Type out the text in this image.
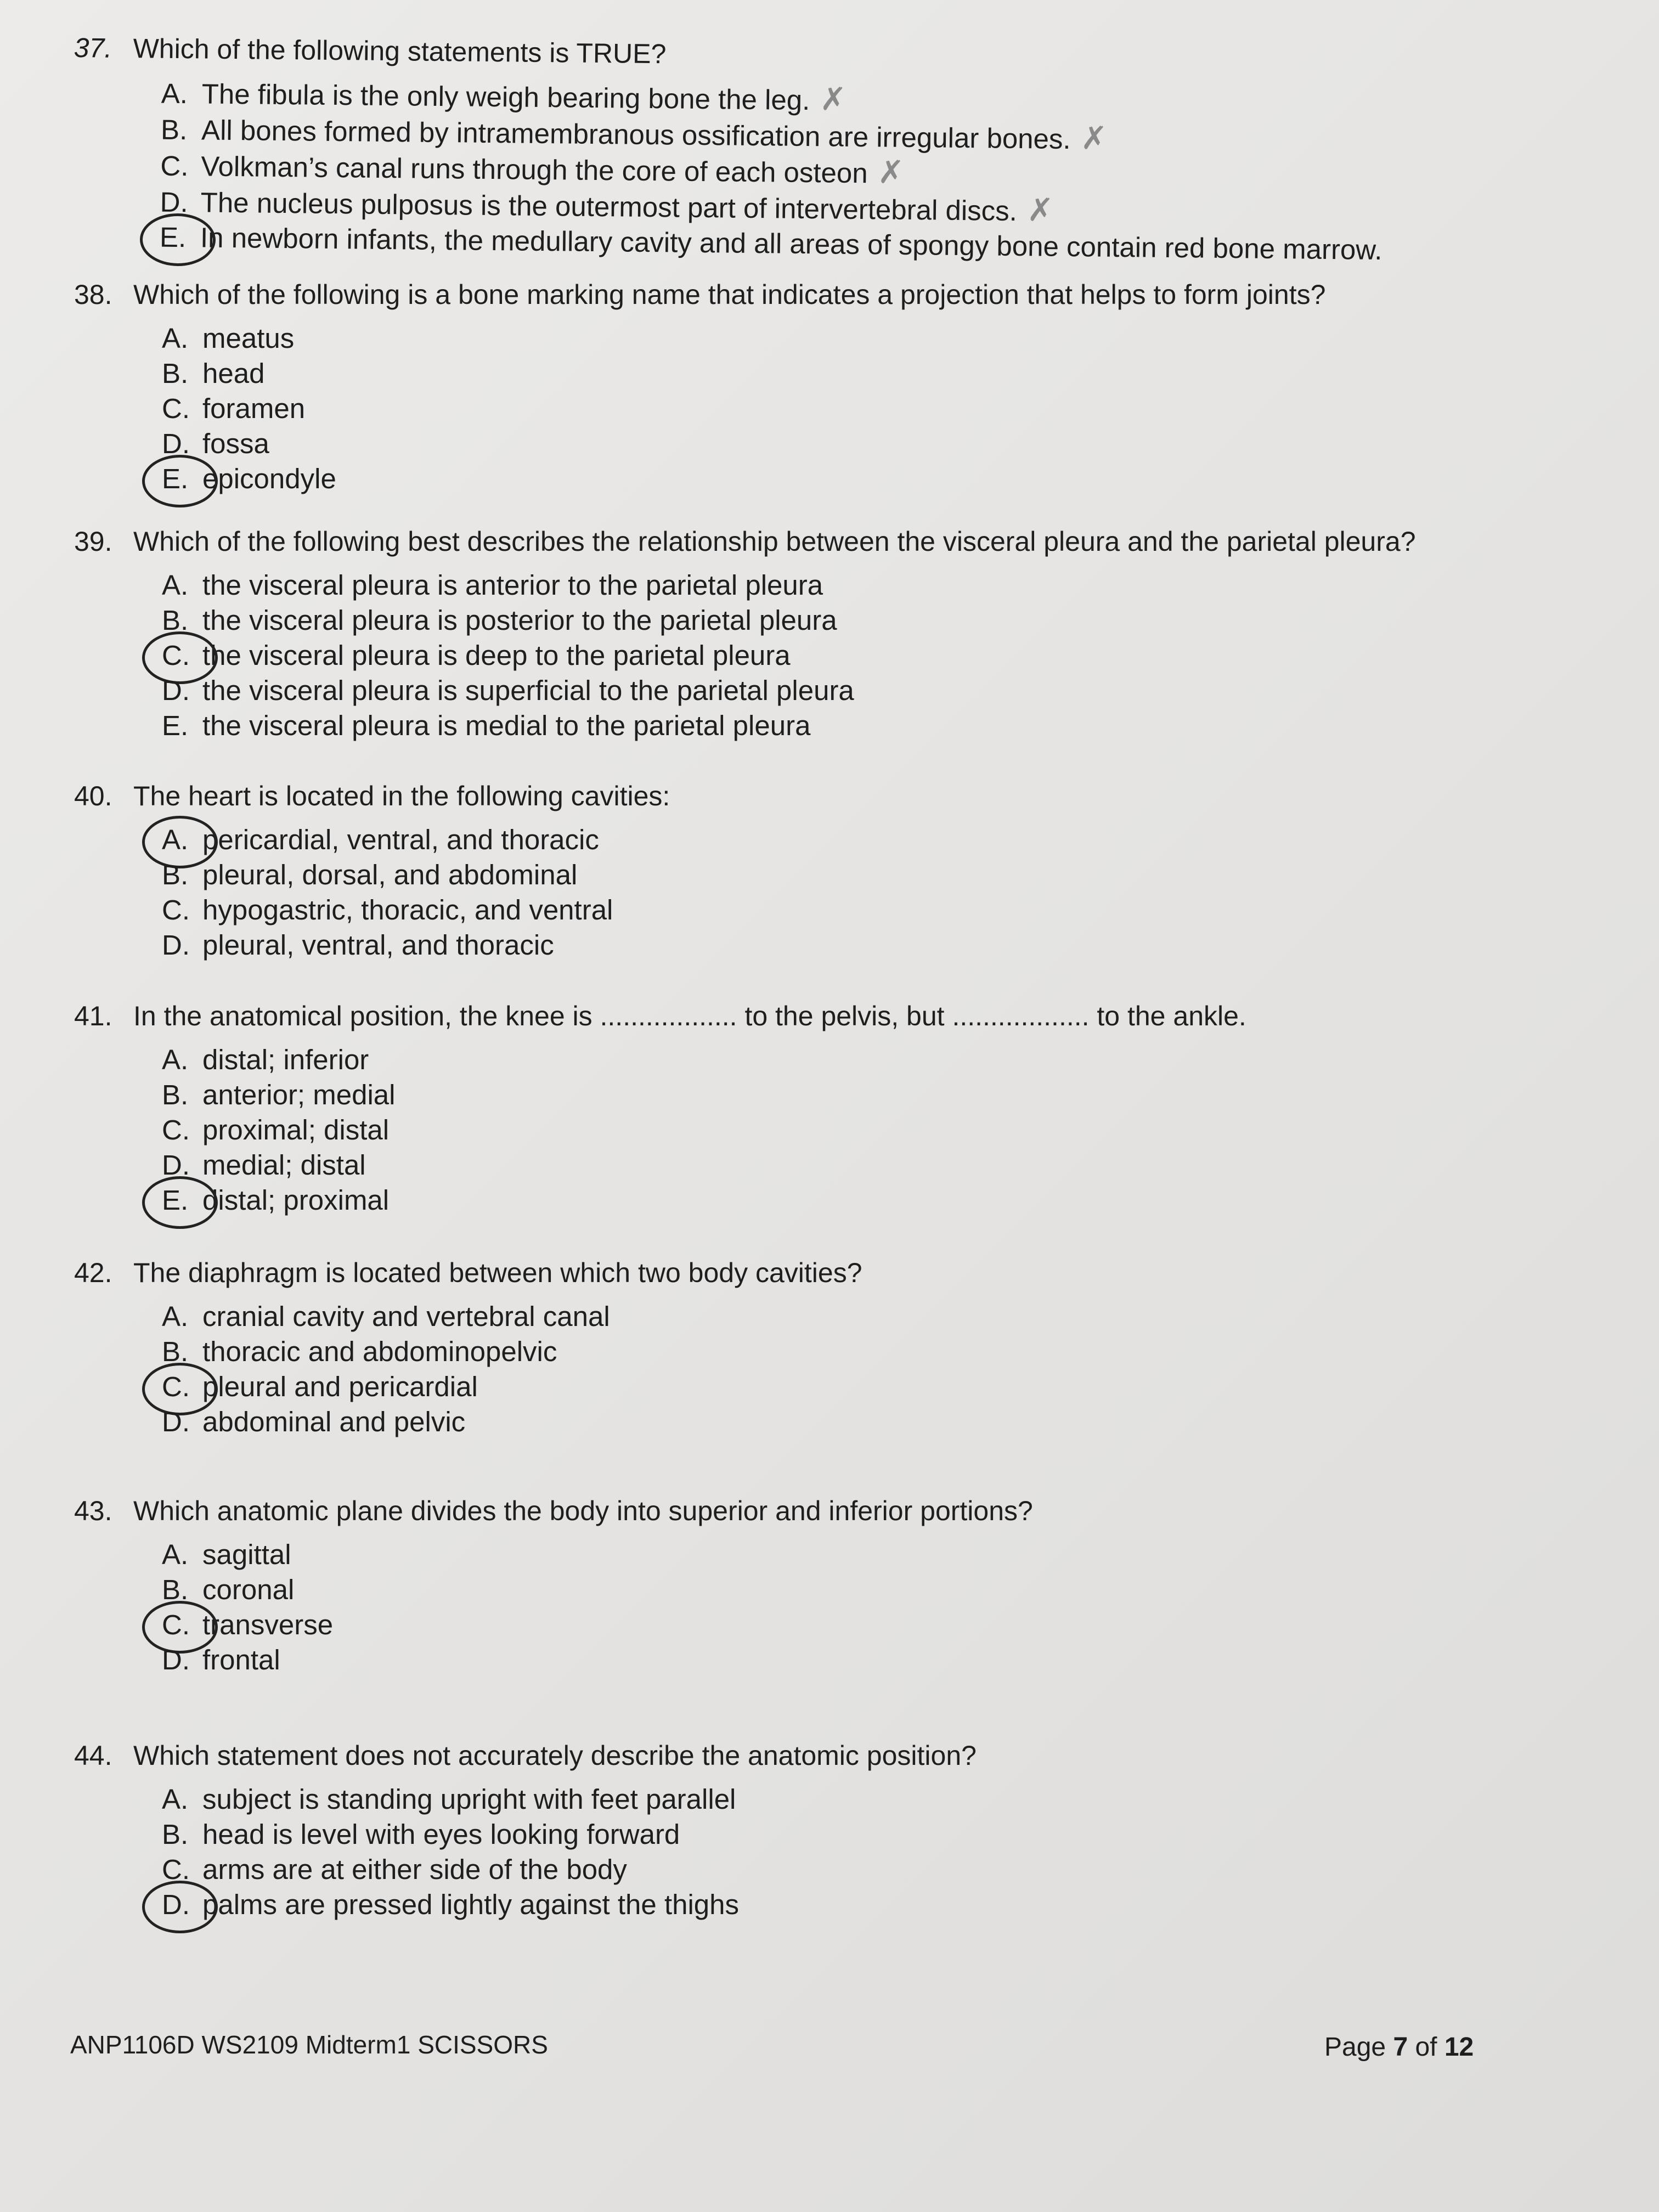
37. Which of the following statements is TRUE?
A. The fibula is the only weigh bearing bone the leg. ✗
B. All bones formed by intramembranous ossification are irregular bones. ✗
C. Volkman’s canal runs through the core of each osteon ✗
D. The nucleus pulposus is the outermost part of intervertebral discs. ✗
E. In newborn infants, the medullary cavity and all areas of spongy bone contain red bone marrow.
38. Which of the following is a bone marking name that indicates a projection that helps to form joints?
A. meatus
B. head
C. foramen
D. fossa
E. epicondyle
39. Which of the following best describes the relationship between the visceral pleura and the parietal pleura?
A. the visceral pleura is anterior to the parietal pleura
B. the visceral pleura is posterior to the parietal pleura
C. the visceral pleura is deep to the parietal pleura
D. the visceral pleura is superficial to the parietal pleura
E. the visceral pleura is medial to the parietal pleura
40. The heart is located in the following cavities:
A. pericardial, ventral, and thoracic
B. pleural, dorsal, and abdominal
C. hypogastric, thoracic, and ventral
D. pleural, ventral, and thoracic
41. In the anatomical position, the knee is .................. to the pelvis, but .................. to the ankle.
A. distal; inferior
B. anterior; medial
C. proximal; distal
D. medial; distal
E. distal; proximal
42. The diaphragm is located between which two body cavities?
A. cranial cavity and vertebral canal
B. thoracic and abdominopelvic
C. pleural and pericardial
D. abdominal and pelvic
43. Which anatomic plane divides the body into superior and inferior portions?
A. sagittal
B. coronal
C. transverse
D. frontal
44. Which statement does not accurately describe the anatomic position?
A. subject is standing upright with feet parallel
B. head is level with eyes looking forward
C. arms are at either side of the body
D. palms are pressed lightly against the thighs
ANP1106D WS2109 Midterm1 SCISSORS	Page 7 of 12
